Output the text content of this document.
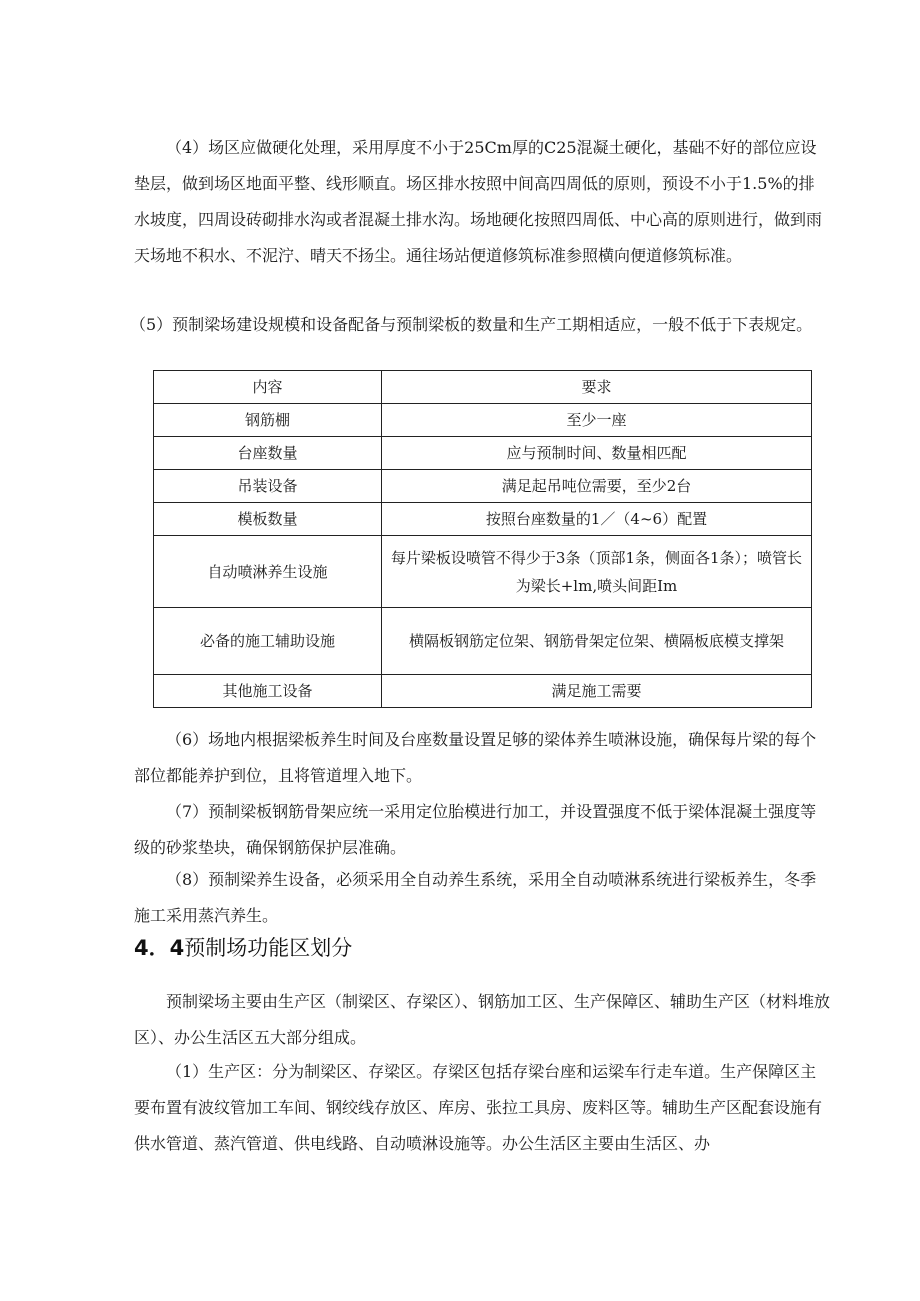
（4）场区应做硬化处理，采用厚度不小于25Cm厚的C25混凝土硬化，基础不好的部位应设垫层，做到场区地面平整、线形顺直。场区排水按照中间高四周低的原则，预设不小于1.5%的排水坡度，四周设砖砌排水沟或者混凝土排水沟。场地硬化按照四周低、中心高的原则进行，做到雨天场地不积水、不泥泞、晴天不扬尘。通往场站便道修筑标准参照横向便道修筑标准。

（5）预制梁场建设规模和设备配备与预制梁板的数量和生产工期相适应，一般不低于下表规定。

内容	要求
钢筋棚	至少一座
台座数量	应与预制时间、数量相匹配
吊装设备	满足起吊吨位需要，至少2台
模板数量	按照台座数量的1／（4~6）配置
自动喷淋养生设施	每片梁板设喷管不得少于3条（顶部1条，侧面各1条）；喷管长为梁长+lm,喷头间距Im
必备的施工辅助设施	横隔板钢筋定位架、钢筋骨架定位架、横隔板底模支撑架
其他施工设备	满足施工需要

（6）场地内根据梁板养生时间及台座数量设置足够的梁体养生喷淋设施，确保每片梁的每个部位都能养护到位，且将管道埋入地下。

（7）预制梁板钢筋骨架应统一采用定位胎模进行加工，并设置强度不低于梁体混凝土强度等级的砂浆垫块，确保钢筋保护层准确。

（8）预制梁养生设备，必须采用全自动养生系统，采用全自动喷淋系统进行梁板养生，冬季施工采用蒸汽养生。

4．4预制场功能区划分

预制梁场主要由生产区（制梁区、存梁区）、钢筋加工区、生产保障区、辅助生产区（材料堆放区）、办公生活区五大部分组成。

（1）生产区：分为制梁区、存梁区。存梁区包括存梁台座和运梁车行走车道。生产保障区主要布置有波纹管加工车间、钢绞线存放区、库房、张拉工具房、废料区等。辅助生产区配套设施有供水管道、蒸汽管道、供电线路、自动喷淋设施等。办公生活区主要由生活区、办
